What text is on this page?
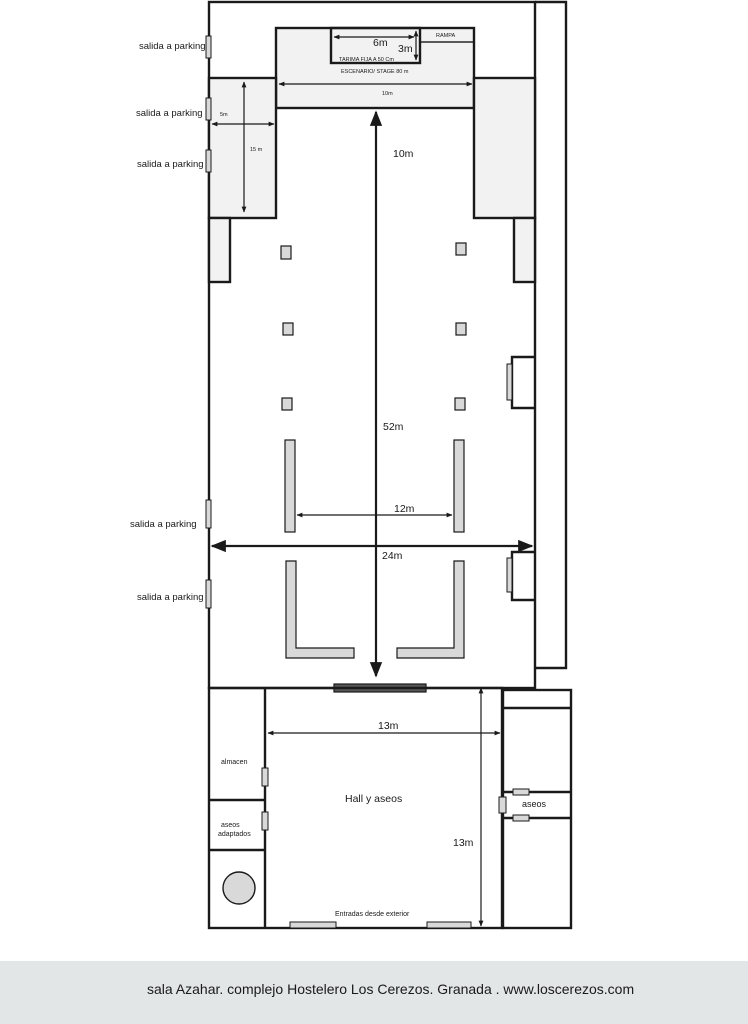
salida a parking
salida a parking
salida a parking
salida a parking
salida a parking
RAMPA
6m 3m
TARIMA FIJA A 50 Cm
ESCENARIO/ STAGE 80 m
10m
5m
15 m	10m
52m
12m
24m
13m
Hall y aseos
13m
almacen
aseos
adaptados
aseos
Entradas desde exterior
sala Azahar. complejo Hostelero Los Cerezos. Granada . www.loscerezos.com
